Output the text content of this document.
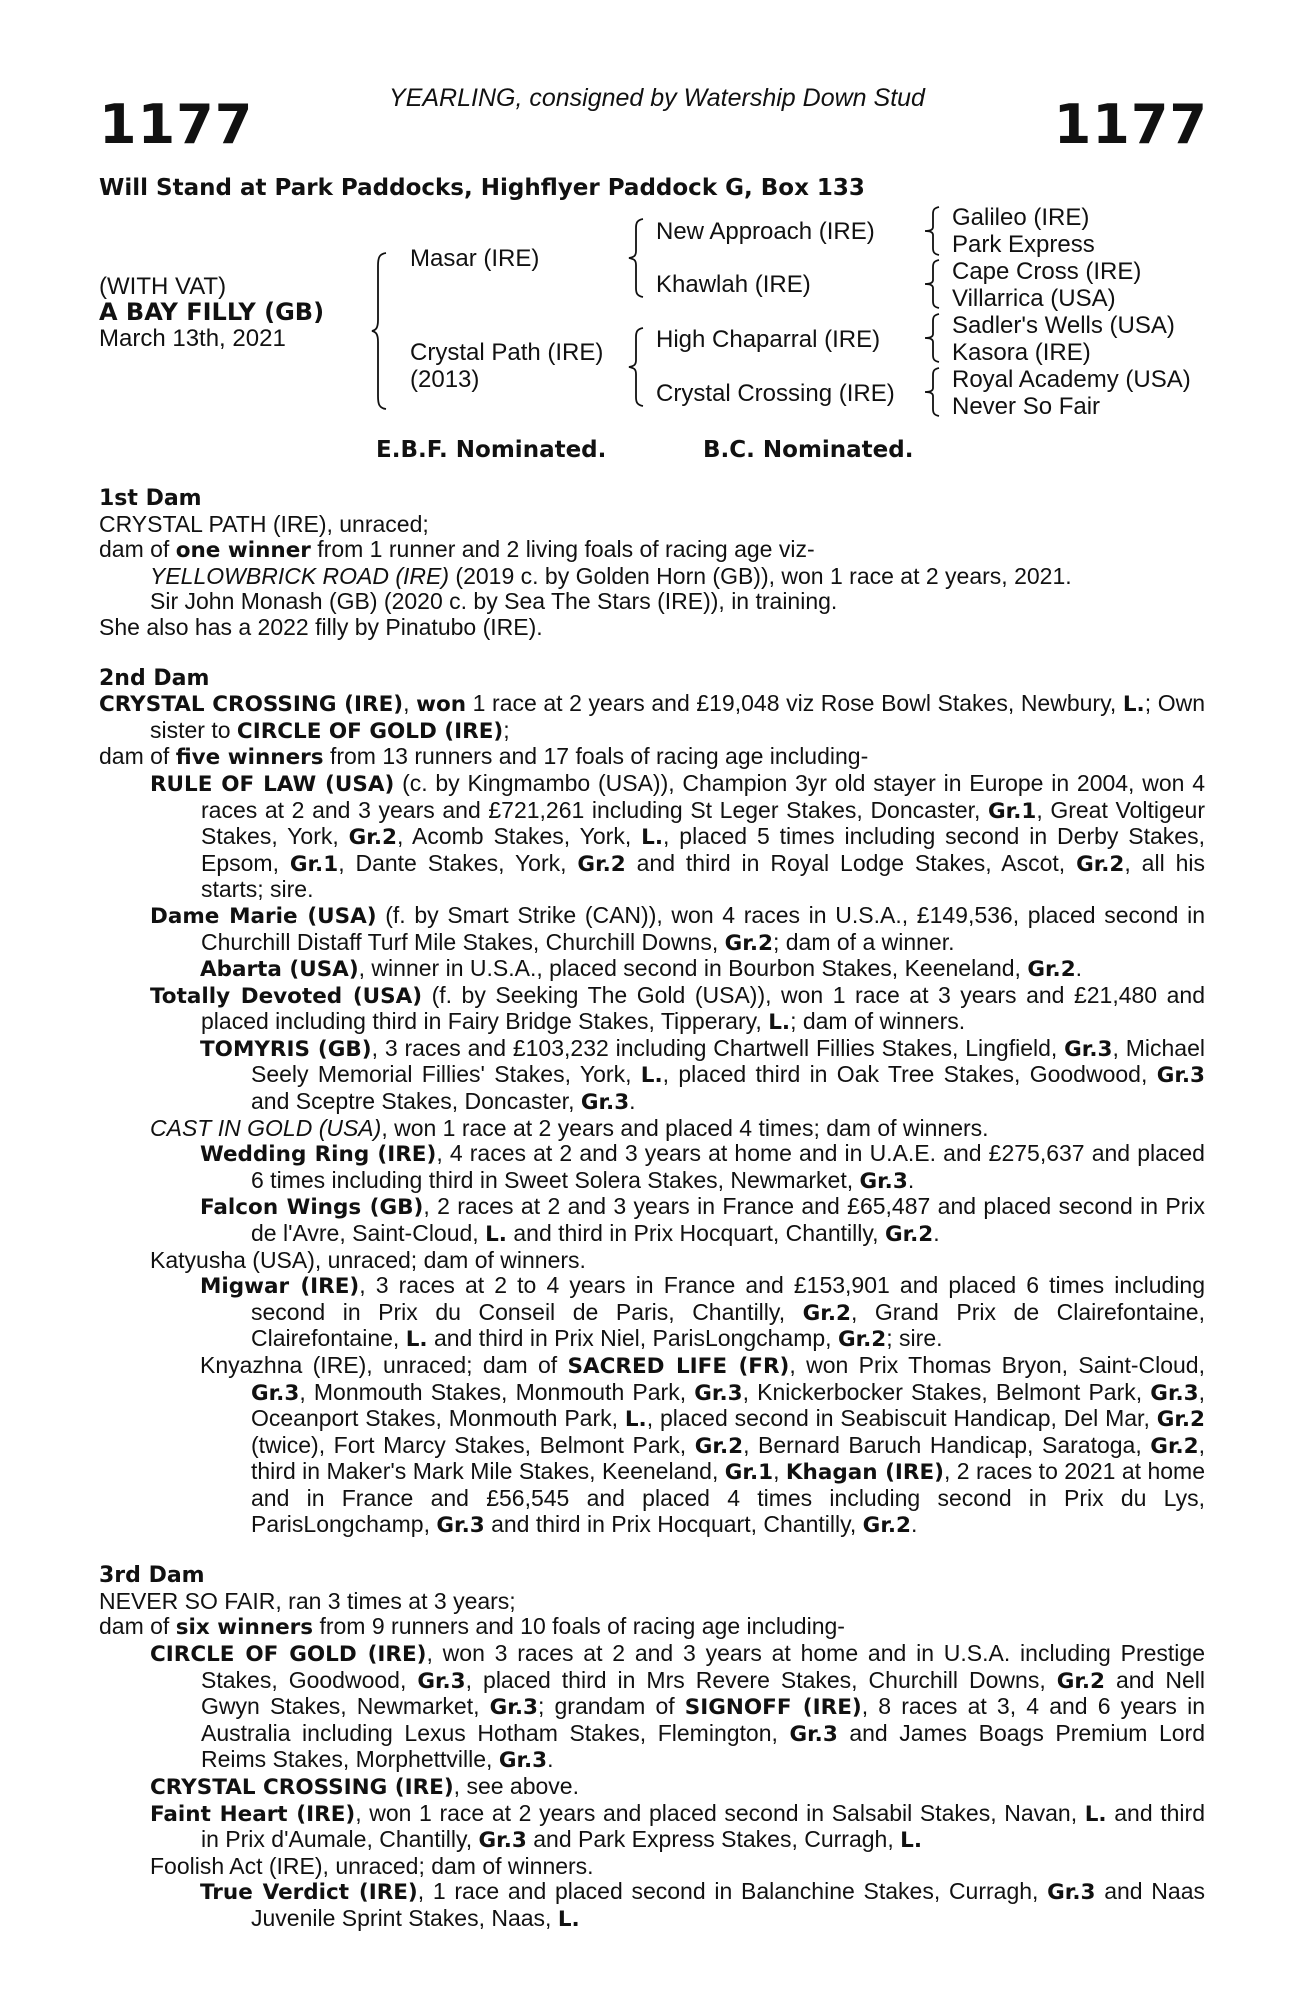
YEARLING, consigned by Watership Down Stud
1177	1177
Will Stand at Park Paddocks, Highflyer Paddock G, Box 133
(WITH VAT)
A BAY FILLY (GB)
March 13th, 2021
Masar (IRE)
Crystal Path (IRE)
(2013)
New Approach (IRE)
Khawlah (IRE)
High Chaparral (IRE)
Crystal Crossing (IRE)
Galileo (IRE)
Park Express
Cape Cross (IRE)
Villarrica (USA)
Sadler's Wells (USA)
Kasora (IRE)
Royal Academy (USA)
Never So Fair
E.B.F. Nominated.	B.C. Nominated.
1st Dam
CRYSTAL PATH (IRE), unraced;
dam of one winner from 1 runner and 2 living foals of racing age viz-
YELLOWBRICK ROAD (IRE) (2019 c. by Golden Horn (GB)), won 1 race at 2 years, 2021.
Sir John Monash (GB) (2020 c. by Sea The Stars (IRE)), in training.
She also has a 2022 filly by Pinatubo (IRE).
2nd Dam
CRYSTAL CROSSING (IRE), won 1 race at 2 years and £19,048 viz Rose Bowl Stakes, Newbury, L.; Own sister to CIRCLE OF GOLD (IRE);
dam of five winners from 13 runners and 17 foals of racing age including-
RULE OF LAW (USA) (c. by Kingmambo (USA)), Champion 3yr old stayer in Europe in 2004, won 4 races at 2 and 3 years and £721,261 including St Leger Stakes, Doncaster, Gr.1, Great Voltigeur Stakes, York, Gr.2, Acomb Stakes, York, L., placed 5 times including second in Derby Stakes, Epsom, Gr.1, Dante Stakes, York, Gr.2 and third in Royal Lodge Stakes, Ascot, Gr.2, all his starts; sire.
Dame Marie (USA) (f. by Smart Strike (CAN)), won 4 races in U.S.A., £149,536, placed second in Churchill Distaff Turf Mile Stakes, Churchill Downs, Gr.2; dam of a winner.
Abarta (USA), winner in U.S.A., placed second in Bourbon Stakes, Keeneland, Gr.2.
Totally Devoted (USA) (f. by Seeking The Gold (USA)), won 1 race at 3 years and £21,480 and placed including third in Fairy Bridge Stakes, Tipperary, L.; dam of winners.
TOMYRIS (GB), 3 races and £103,232 including Chartwell Fillies Stakes, Lingfield, Gr.3, Michael Seely Memorial Fillies' Stakes, York, L., placed third in Oak Tree Stakes, Goodwood, Gr.3 and Sceptre Stakes, Doncaster, Gr.3.
CAST IN GOLD (USA), won 1 race at 2 years and placed 4 times; dam of winners.
Wedding Ring (IRE), 4 races at 2 and 3 years at home and in U.A.E. and £275,637 and placed 6 times including third in Sweet Solera Stakes, Newmarket, Gr.3.
Falcon Wings (GB), 2 races at 2 and 3 years in France and £65,487 and placed second in Prix de l'Avre, Saint-Cloud, L. and third in Prix Hocquart, Chantilly, Gr.2.
Katyusha (USA), unraced; dam of winners.
Migwar (IRE), 3 races at 2 to 4 years in France and £153,901 and placed 6 times including second in Prix du Conseil de Paris, Chantilly, Gr.2, Grand Prix de Clairefontaine, Clairefontaine, L. and third in Prix Niel, ParisLongchamp, Gr.2; sire.
Knyazhna (IRE), unraced; dam of SACRED LIFE (FR), won Prix Thomas Bryon, Saint-Cloud, Gr.3, Monmouth Stakes, Monmouth Park, Gr.3, Knickerbocker Stakes, Belmont Park, Gr.3, Oceanport Stakes, Monmouth Park, L., placed second in Seabiscuit Handicap, Del Mar, Gr.2 (twice), Fort Marcy Stakes, Belmont Park, Gr.2, Bernard Baruch Handicap, Saratoga, Gr.2, third in Maker's Mark Mile Stakes, Keeneland, Gr.1, Khagan (IRE), 2 races to 2021 at home and in France and £56,545 and placed 4 times including second in Prix du Lys, ParisLongchamp, Gr.3 and third in Prix Hocquart, Chantilly, Gr.2.
3rd Dam
NEVER SO FAIR, ran 3 times at 3 years;
dam of six winners from 9 runners and 10 foals of racing age including-
CIRCLE OF GOLD (IRE), won 3 races at 2 and 3 years at home and in U.S.A. including Prestige Stakes, Goodwood, Gr.3, placed third in Mrs Revere Stakes, Churchill Downs, Gr.2 and Nell Gwyn Stakes, Newmarket, Gr.3; grandam of SIGNOFF (IRE), 8 races at 3, 4 and 6 years in Australia including Lexus Hotham Stakes, Flemington, Gr.3 and James Boags Premium Lord Reims Stakes, Morphettville, Gr.3.
CRYSTAL CROSSING (IRE), see above.
Faint Heart (IRE), won 1 race at 2 years and placed second in Salsabil Stakes, Navan, L. and third in Prix d'Aumale, Chantilly, Gr.3 and Park Express Stakes, Curragh, L.
Foolish Act (IRE), unraced; dam of winners.
True Verdict (IRE), 1 race and placed second in Balanchine Stakes, Curragh, Gr.3 and Naas Juvenile Sprint Stakes, Naas, L.
